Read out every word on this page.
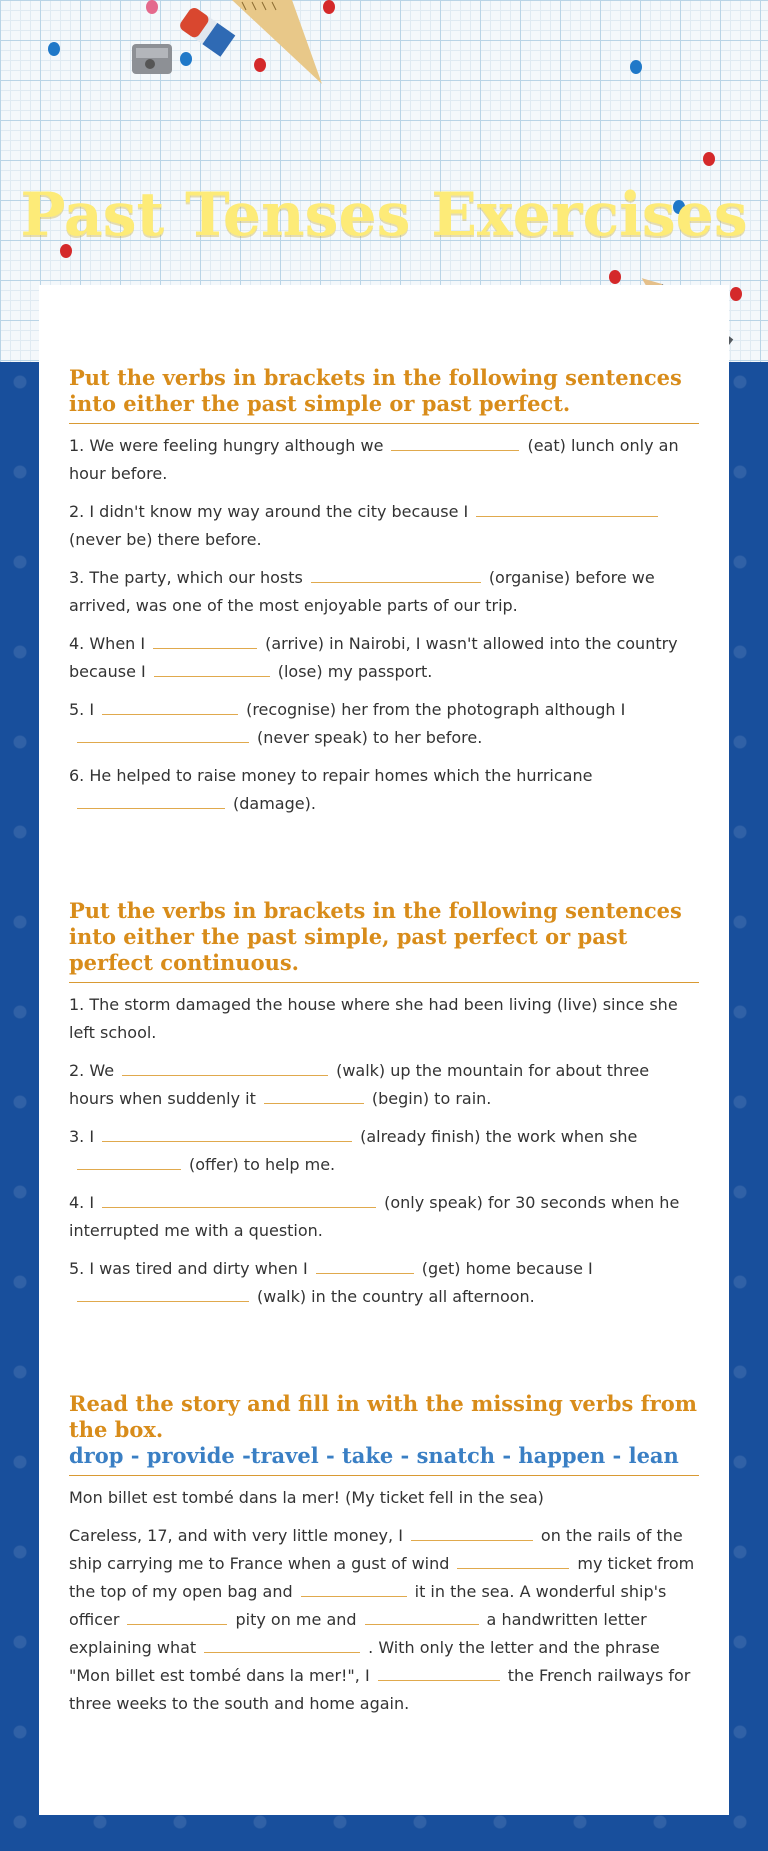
Past Tenses Exercises
Put the verbs in brackets in the following sentences into either the past simple or past perfect.

1. We were feeling hungry although we	(eat) lunch only an hour before.

2. I didn't know my way around the city because I(never be) there before.

3. The party, which our hosts	(organise) before we arrived, was one of the most enjoyable parts of our trip.

4. When I	(arrive) in Nairobi, I wasn't allowed into the country because I	(lose) my passport.

5. I	(recognise) her from the photograph although I(never speak) to her before.

6. He helped to raise money to repair homes which the hurricane(damage).

Put the verbs in brackets in the following sentences into either the past simple, past perfect or past perfect continuous.

1. The storm damaged the house where she had been living (live) since she left school.

2. We	(walk) up the mountain for about three hours when suddenly it	(begin) to rain.

3. I	(already finish) the work when she(offer) to help me.

4. I	(only speak) for 30 seconds when he interrupted me with a question.

5. I was tired and dirty when I	(get) home because I(walk) in the country all afternoon.

Read the story and fill in with the missing verbs from the box.
drop - provide -travel - take - snatch - happen - lean

Mon billet est tombé dans la mer! (My ticket fell in the sea)

Careless, 17, and with very little money, I	on the rails of the ship carrying me to France when a gust of wind	my ticket from the top of my open bag and	it in the sea. A wonderful ship's officer	pity on me and	a handwritten letter explaining what	. With only the letter and the phrase "Mon billet est tombé dans la mer!", I	the French railways for three weeks to the south and home again.
